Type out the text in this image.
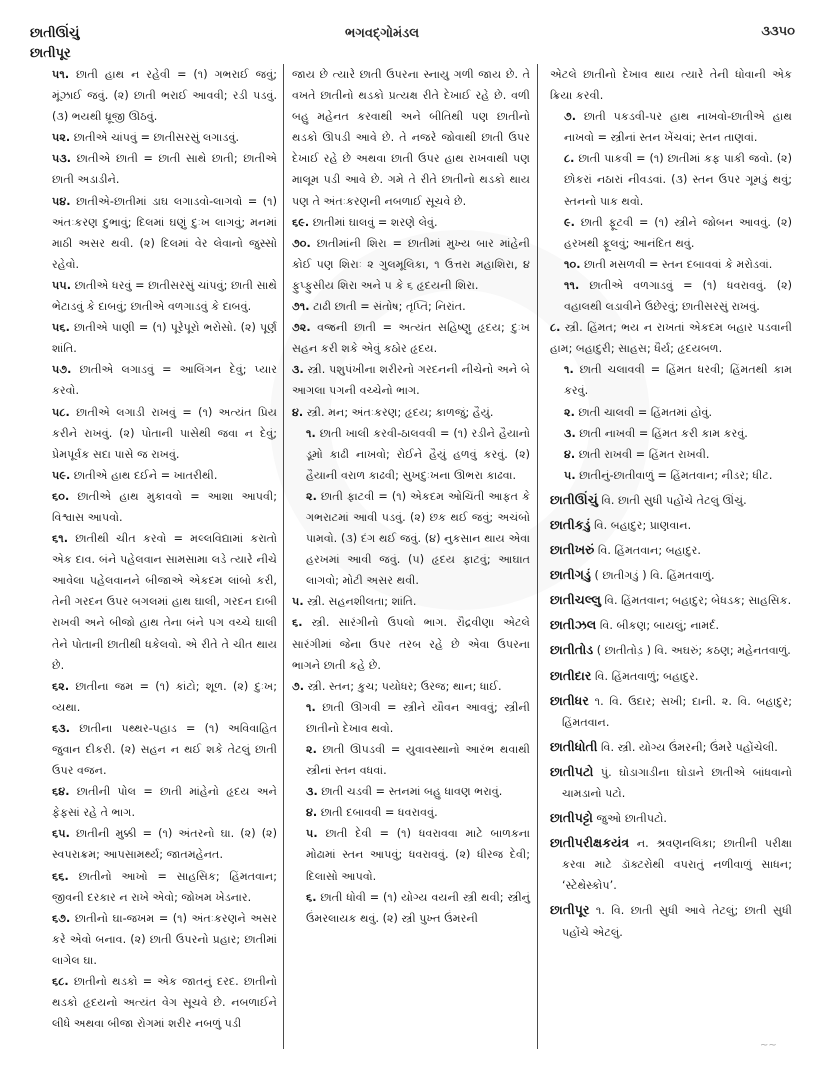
છાતીઊંચું
છાતીપૂર
ભગવદ્ગોમંડલ	૩૩૫૦

૫૧. છાતી હાથ ન રહેવી = (૧) ગભરાઈ જવું; મૂંઝાઈ જવું. (૨) છાતી ભરાઈ આવવી; રડી પડવું. (૩) ભયથી ધ્રૂજી ઊઠવું.

૫૨. છાતીએ ચાંપવું = છાતીસરસું લગાડવું.

૫૩. છાતીએ છાતી = છાતી સાથે છાતી; છાતીએ છાતી અડાડીને.

૫૪. છાતીએ-છાતીમાં ડાઘ લગાડવો-લાગવો = (૧) અંતઃકરણ દુભાવું; દિલમાં ઘણું દુઃખ લાગવું; મનમાં માઠી અસર થવી. (૨) દિલમાં વેર લેવાનો જુસ્સો રહેવો.

૫૫. છાતીએ ધરવું = છાતીસરસું ચાંપવું; છાતી સાથે ભેટાડવું કે દાબવું; છાતીએ વળગાડવું કે દાબવું.

૫૬. છાતીએ પાણી = (૧) પૂરેપૂરો ભરોસો. (૨) પૂર્ણ શાંતિ.

૫૭. છાતીએ લગાડવું = આલિંગન દેવું; પ્યાર કરવો.

૫૮. છાતીએ લગાડી રાખવું = (૧) અત્યંત પ્રિય કરીને રાખવું. (૨) પોતાની પાસેથી જવા ન દેવું; પ્રેમપૂર્વક સદા પાસે જ રાખવું.

૫૯. છાતીએ હાથ દઈને = ખાતરીથી.

૬૦. છાતીએ હાથ મુકાવવો = આશા આપવી; વિશ્વાસ આપવો.

૬૧. છાતીથી ચીત કરવો = મલ્લવિદ્યામાં કરાતો એક દાવ. બંને પહેલવાન સામસામા લડે ત્યારે નીચે આવેલા પહેલવાનને બીજાએ એકદમ લાંબો કરી, તેની ગરદન ઉપર બગલમાં હાથ ઘાલી, ગરદન દાબી રાખવી અને બીજો હાથ તેના બંને પગ વચ્ચે ઘાલી તેને પોતાની છાતીથી ધકેલવો. એ રીતે તે ચીત થાય છે.

૬૨. છાતીના જમ = (૧) કાંટો; શૂળ. (૨) દુઃખ; વ્યથા.

૬૩. છાતીના પથ્થર-પહાડ = (૧) અવિવાહિત જુવાન દીકરી. (૨) સહન ન થઈ શકે તેટલું છાતી ઉપર વજન.

૬૪. છાતીની પોલ = છાતી માંહેનો હૃદય અને ફેફસાં રહે તે ભાગ.

૬૫. છાતીની મુક્કી = (૧) અંતરનો ઘા. (૨) (૨) સ્વપરાક્રમ; આપસામર્થ્ય; જાતમહેનત.

૬૬. છાતીનો આખો = સાહસિક; હિંમતવાન; જીવની દરકાર ન રાખે એવો; જોખમ ખેડનાર.

૬૭. છાતીનો ઘા-જખમ = (૧) અંતઃકરણને અસર કરે એવો બનાવ. (૨) છાતી ઉપરનો પ્રહાર; છાતીમાં લાગેલ ઘા.

૬૮. છાતીનો થડકો = એક જાતનું દરદ. છાતીનો થડકો હૃદયનો અત્યંત વેગ સૂચવે છે. નબળાઈને લીધે અથવા બીજા રોગમાં શરીર નબળું પડી

જાય છે ત્યારે છાતી ઉપરના સ્નાયુ ગળી જાય છે. તે વખતે છાતીનો થડકો પ્રત્યક્ષ રીતે દેખાઈ રહે છે. વળી બહુ મહેનત કરવાથી અને બીતિથી પણ છાતીનો થડકો ઊપડી આવે છે. તે નજરે જોવાથી છાતી ઉપર દેખાઈ રહે છે અથવા છાતી ઉપર હાથ રાખવાથી પણ માલૂમ પડી આવે છે. ગમે તે રીતે છાતીનો થડકો થાય પણ તે અંતઃકરણની નબળાઈ સૂચવે છે.

૬૯. છાતીમાં ઘાલવું = શરણે લેવું.

૭૦. છાતીમાંની શિરા = છાતીમાં મુખ્ય બાર માંહેની કોઈ પણ શિરાઃ ૨ ગુલમૂલિકા, ૧ ઉત્તરા મહાશિરા, ૪ ફુપ્ફુસીય શિરા અને ૫ કે ૬ હૃદયની શિરા.

૭૧. ટાઢી છાતી = સંતોષ; તૃપ્તિ; નિરાંત.

૭૨. વજ્રની છાતી = અત્યંત સહિષ્ણુ હૃદય; દુઃખ સહન કરી શકે એવું કઠોર હૃદય.

૩. સ્ત્રી. પશુપંખીના શરીરનો ગરદનની નીચેનો અને બે આગલા પગની વચ્ચેનો ભાગ.

૪. સ્ત્રી. મન; અંતઃકરણ; હૃદય; કાળજું; હૈયું.

૧. છાતી ખાલી કરવી-ઠાલવવી = (૧) રડીને હૈયાનો ડૂમો કાઢી નાખવો; રોઈને હૈયું હળવું કરવું. (૨) હૈયાની વરાળ કાઢવી; સુખદુઃખના ઊભરા કાઢવા.

૨. છાતી ફાટવી = (૧) એકદમ ઓચિંતી આફત કે ગભરાટમાં આવી પડવું. (૨) છક થઈ જવું; અચંબો પામવો. (૩) દંગ થઈ જવું. (૪) નુકસાન થાય એવા હરખમાં આવી જવું. (૫) હૃદય ફાટવું; આઘાત લાગવો; મોટી અસર થવી.

૫. સ્ત્રી. સહનશીલતા; શાંતિ.

૬. સ્ત્રી. સારંગીનો ઉપલો ભાગ. રૌદ્રવીણા એટલે સારંગીમાં જેના ઉપર તરબ રહે છે એવા ઉપરના ભાગને છાતી કહે છે.

૭. સ્ત્રી. સ્તન; કુચ; પયોધર; ઉરજ; થાન; ધાઈ.

૧. છાતી ઊગવી = સ્ત્રીને યૌવન આવવું; સ્ત્રીની છાતીનો દેખાવ થવો.

૨. છાતી ઊપડવી = યુવાવસ્થાનો આરંભ થવાથી સ્ત્રીનાં સ્તન વધવાં.

૩. છાતી ચડવી = સ્તનમાં બહુ ધાવણ ભરાવું.

૪. છાતી દબાવવી = ધવરાવવું.

૫. છાતી દેવી = (૧) ધવરાવવા માટે બાળકના મોઢામાં સ્તન આપવું; ધવરાવવું. (૨) ધીરજ દેવી; દિલાસો આપવો.

૬. છાતી ધોવી = (૧) યોગ્ય વયની સ્ત્રી થવી; સ્ત્રીનું ઉંમરલાયક થવું. (૨) સ્ત્રી પુખ્ત ઉંમરની

એટલે છાતીનો દેખાવ થાય ત્યારે તેની ધોવાની એક ક્રિયા કરવી.

૭. છાતી પકડવી-પર હાથ નાખવો-છાતીએ હાથ નાખવો = સ્ત્રીનાં સ્તન ખેંચવાં; સ્તન તાણવાં.

૮. છાતી પાકવી = (૧) છાતીમાં કફ પાકી જવો. (૨) છોકરાં નઠારાં નીવડવાં. (૩) સ્તન ઉપર ગૂમડું થવું; સ્તનનો પાક થવો.

૯. છાતી ફૂટવી = (૧) સ્ત્રીને જોબન આવવું. (૨) હરખથી ફૂલવું; આનંદિત થવું.

૧૦. છાતી મસળવી = સ્તન દબાવવાં કે મરોડવાં.

૧૧. છાતીએ વળગાડવું = (૧) ધવરાવવું. (૨) વહાલથી લડાવીને ઉછેરવું; છાતીસરસું રાખવું.

૮. સ્ત્રી. હિંમત; ભય ન રાખતાં એકદમ બહાર પડવાની હામ; બહાદુરી; સાહસ; ધૈર્ય; હૃદયબળ.

૧. છાતી ચલાવવી = હિંમત ધરવી; હિંમતથી કામ કરવું.

૨. છાતી ચાલવી = હિંમતમાં હોવું.

૩. છાતી નાખવી = હિંમત કરી કામ કરવું.

૪. છાતી રાખવી = હિંમત રાખવી.

૫. છાતીનું-છાતીવાળું = હિંમતવાન; નીડર; ધીટ.

છાતીઊંચું વિ. છાતી સુધી પહોંચે તેટલું ઊંચું.

છાતીકડું વિ. બહાદુર; પ્રાણવાન.

છાતીખરું વિ. હિંમતવાન; બહાદુર.

છાતીગડું ( છાતીગડું ) વિ. હિંમતવાળું.

છાતીચલ્લુ વિ. હિંમતવાન; બહાદુર; બેધડક; સાહસિક.

છાતીઝલ વિ. બીકણ; બાયલું; નામર્દ.

છાતીતોડ ( છાતીતોડ઼ ) વિ. અઘરું; કઠણ; મહેનતવાળું.

છાતીદાર વિ. હિંમતવાળું; બહાદુર.

છાતીધર ૧. વિ. ઉદાર; સખી; દાની. ૨. વિ. બહાદુર; હિંમતવાન.

છાતીધોતી વિ. સ્ત્રી. યોગ્ય ઉંમરની; ઉંમરે પહોંચેલી.

છાતીપટો પું. ઘોડાગાડીના ઘોડાને છાતીએ બાંધવાનો ચામડાનો પટો.

છાતીપટ્ટો જુઓ છાતીપટો.

છાતીપરીક્ષકયંત્ર ન. શ્રવણનલિકા; છાતીની પરીક્ષા કરવા માટે ડૉક્ટરોથી વપરાતું નળીવાળું સાધન; ‘સ્ટેથેસ્કોપ’.

છાતીપૂર ૧. વિ. છાતી સુધી આવે તેટલું; છાતી સુધી પહોંચે એટલું.

~~
